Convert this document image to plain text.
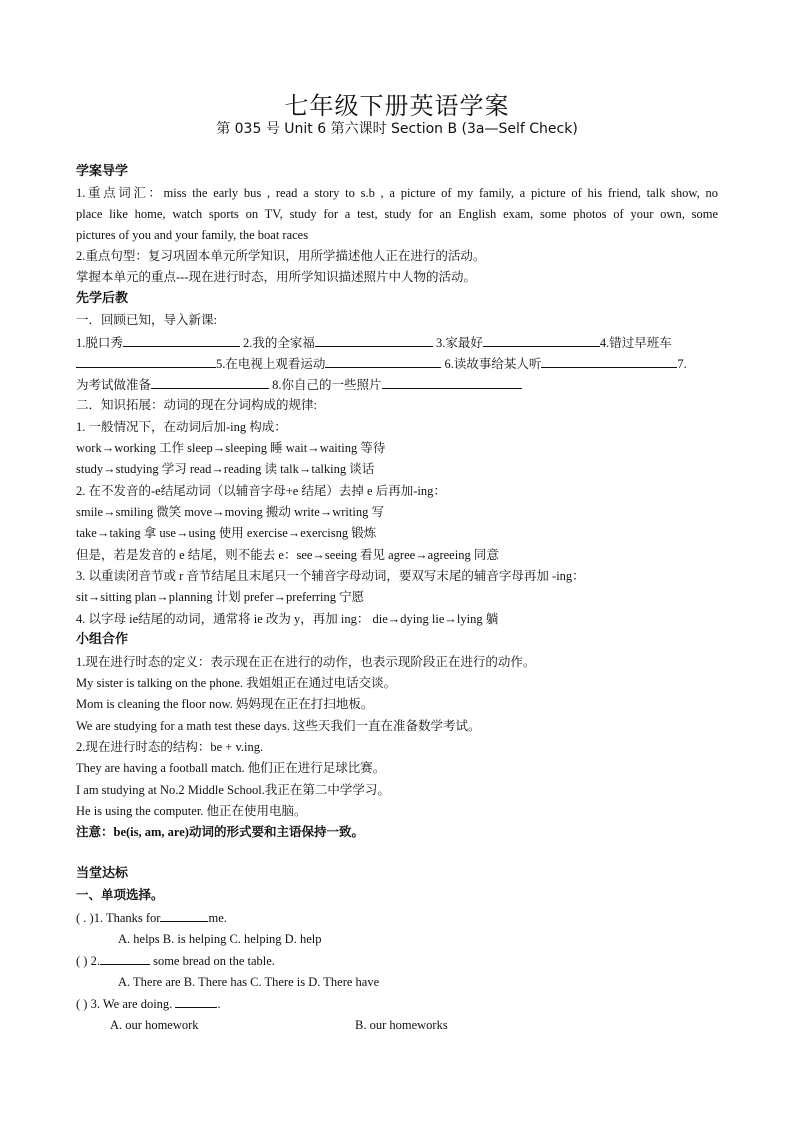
七年级下册英语学案
第 035 号 Unit 6 第六课时 Section B (3a—Self Check)
学案导学
1.重点词汇：miss the early bus , read a story to s.b , a picture of my family, a picture of his friend, talk show, no
place like home, watch sports on TV, study for a test, study for an English exam, some photos of your own, some
pictures of you and your family, the boat races
2.重点句型：复习巩固本单元所学知识，用所学描述他人正在进行的活动。
掌握本单元的重点---现在进行时态，用所学知识描述照片中人物的活动。
先学后教
一．回顾已知，导入新课:
1.脱口秀	2.我的全家福	3.家最好	4.错过早班车
5.在电视上观看运动	6.读故事给某人听	7.
为考试做准备	8.你自己的一些照片
二．知识拓展：动词的现在分词构成的规律:
1. 一般情况下，在动词后加-ing 构成：
work→working 工作 sleep→sleeping 睡 wait→waiting 等待
study→studying 学习 read→reading 读 talk→talking 谈话
2. 在不发音的-e结尾动词（以辅音字母+e 结尾）去掉 e 后再加-ing：
smile→smiling 微笑 move→moving 搬动 write→writing 写
take→taking 拿 use→using 使用 exercise→exercisng 锻炼
但是，若是发音的 e 结尾，则不能去 e：see→seeing 看见 agree→agreeing 同意
3. 以重读闭音节或 r 音节结尾且末尾只一个辅音字母动词，要双写末尾的辅音字母再加 -ing：
sit→sitting plan→planning 计划 prefer→preferring 宁愿
4. 以字母 ie结尾的动词，通常将 ie 改为 y，再加 ing： die→dying lie→lying 躺
小组合作
1.现在进行时态的定义：表示现在正在进行的动作，也表示现阶段正在进行的动作。
My sister is talking on the phone. 我姐姐正在通过电话交谈。
Mom is cleaning the floor now. 妈妈现在正在打扫地板。
We are studying for a math test these days. 这些天我们一直在准备数学考试。
2.现在进行时态的结构：be + v.ing.
They are having a football match. 他们正在进行足球比赛。
I am studying at No.2 Middle School.我正在第二中学学习。
He is using the computer. 他正在使用电脑。
注意：be(is, am, are)动词的形式要和主语保持一致。
当堂达标
一、单项选择。
( . )1. Thanks for	me.
A. helps B. is helping C. helping D. help
( ) 2.	some bread on the table.
A. There are B. There has C. There is D. There have
( ) 3. We are doing.	.
A. our homework	B. our homeworks
